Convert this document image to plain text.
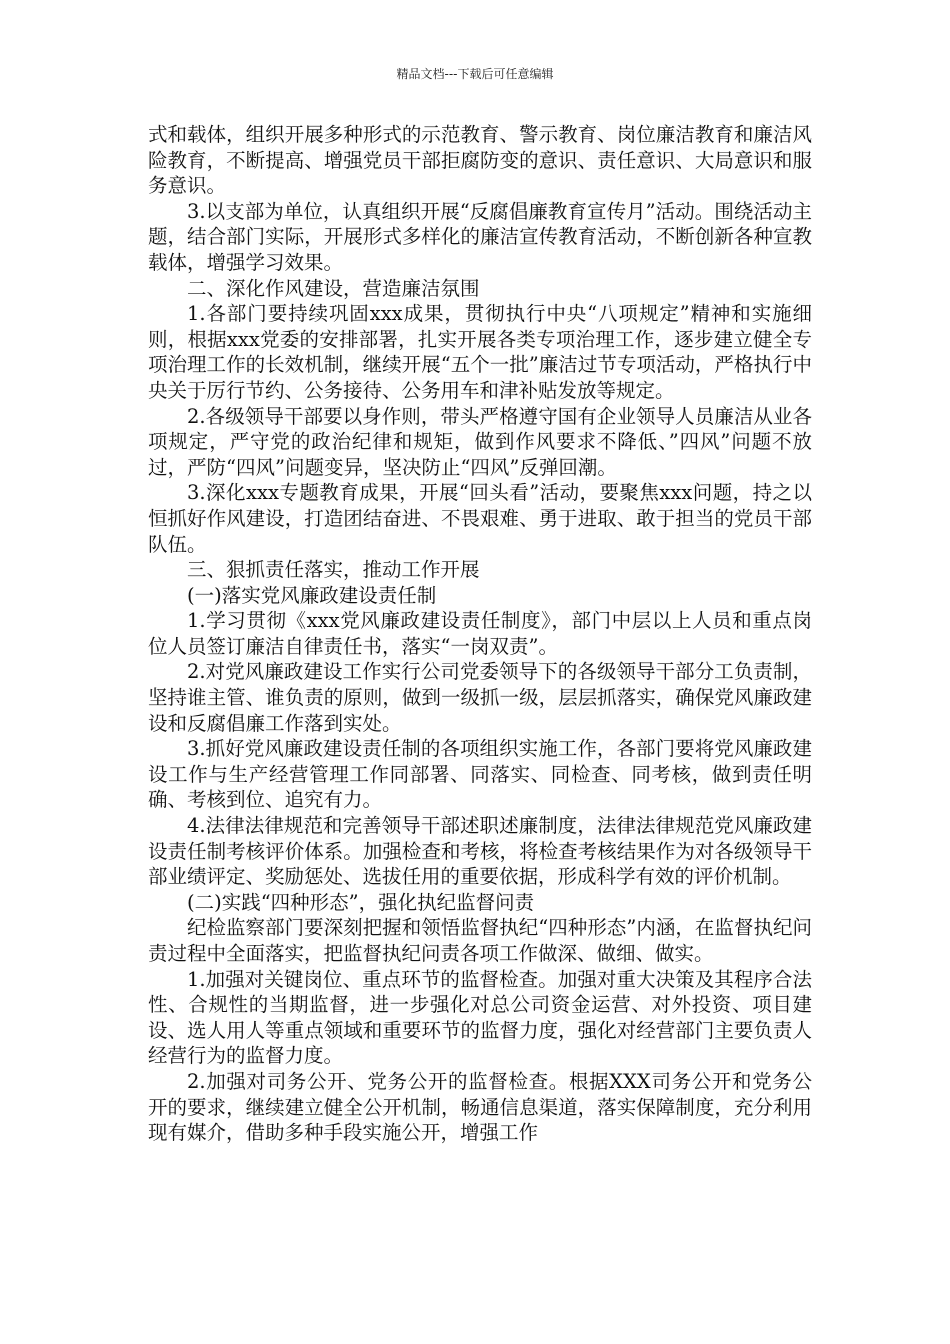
精品文档---下载后可任意编辑

式和载体，组织开展多种形式的示范教育、警示教育、岗位廉洁教育和廉洁风险教育，不断提高、增强党员干部拒腐防变的意识、责任意识、大局意识和服务意识。

3.以支部为单位，认真组织开展“反腐倡廉教育宣传月”活动。围绕活动主题，结合部门实际，开展形式多样化的廉洁宣传教育活动，不断创新各种宣教载体，增强学习效果。

二、深化作风建设，营造廉洁氛围

1.各部门要持续巩固xxx成果，贯彻执行中央“八项规定”精神和实施细则，根据xxx党委的安排部署，扎实开展各类专项治理工作，逐步建立健全专项治理工作的长效机制，继续开展“五个一批”廉洁过节专项活动，严格执行中央关于厉行节约、公务接待、公务用车和津补贴发放等规定。

2.各级领导干部要以身作则，带头严格遵守国有企业领导人员廉洁从业各项规定，严守党的政治纪律和规矩，做到作风要求不降低、”四风”问题不放过，严防“四风”问题变异，坚决防止“四风”反弹回潮。

3.深化xxx专题教育成果，开展“回头看”活动，要聚焦xxx问题，持之以恒抓好作风建设，打造团结奋进、不畏艰难、勇于进取、敢于担当的党员干部队伍。

三、狠抓责任落实，推动工作开展

(一)落实党风廉政建设责任制

1.学习贯彻《xxx党风廉政建设责任制度》，部门中层以上人员和重点岗位人员签订廉洁自律责任书，落实“一岗双责”。

2.对党风廉政建设工作实行公司党委领导下的各级领导干部分工负责制，坚持谁主管、谁负责的原则，做到一级抓一级，层层抓落实，确保党风廉政建设和反腐倡廉工作落到实处。

3.抓好党风廉政建设责任制的各项组织实施工作，各部门要将党风廉政建设工作与生产经营管理工作同部署、同落实、同检查、同考核，做到责任明确、考核到位、追究有力。

4.法律法律规范和完善领导干部述职述廉制度，法律法律规范党风廉政建设责任制考核评价体系。加强检查和考核，将检查考核结果作为对各级领导干部业绩评定、奖励惩处、选拔任用的重要依据，形成科学有效的评价机制。

(二)实践“四种形态”，强化执纪监督问责

纪检监察部门要深刻把握和领悟监督执纪“四种形态”内涵，在监督执纪问责过程中全面落实，把监督执纪问责各项工作做深、做细、做实。

1.加强对关键岗位、重点环节的监督检查。加强对重大决策及其程序合法性、合规性的当期监督，进一步强化对总公司资金运营、对外投资、项目建设、选人用人等重点领域和重要环节的监督力度，强化对经营部门主要负责人经营行为的监督力度。

2.加强对司务公开、党务公开的监督检查。根据XXX司务公开和党务公开的要求，继续建立健全公开机制，畅通信息渠道，落实保障制度，充分利用现有媒介，借助多种手段实施公开，增强工作
